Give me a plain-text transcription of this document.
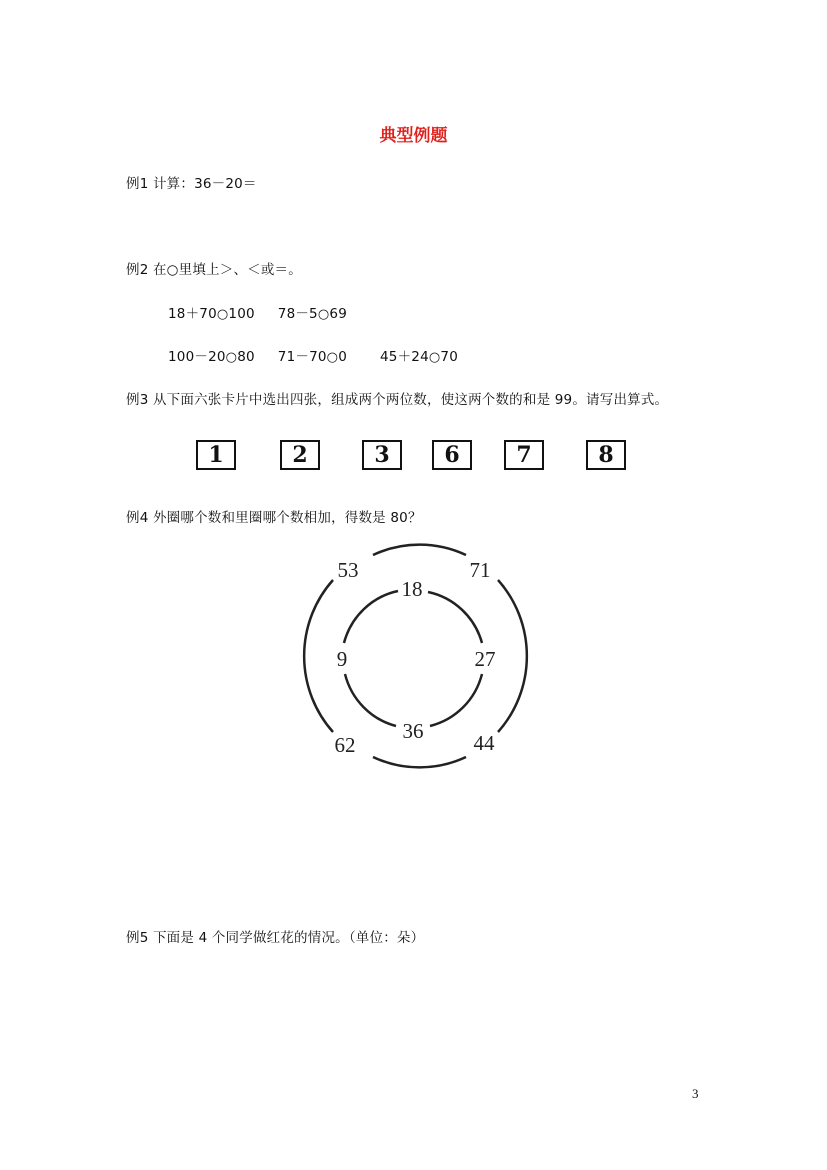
典型例题
例1 计算：36－20＝
例2 在○里填上＞、＜或＝。
18＋70○100 78－5○69
100－20○80 71－70○0 45＋24○70
例3 从下面六张卡片中选出四张，组成两个两位数，使这两个数的和是 99。请写出算式。
1	2	3	6	7	8
例4 外圈哪个数和里圈哪个数相加，得数是 80？
53	71
62	44
18
9	27
36
例5 下面是 4 个同学做红花的情况。（单位：朵）
3
